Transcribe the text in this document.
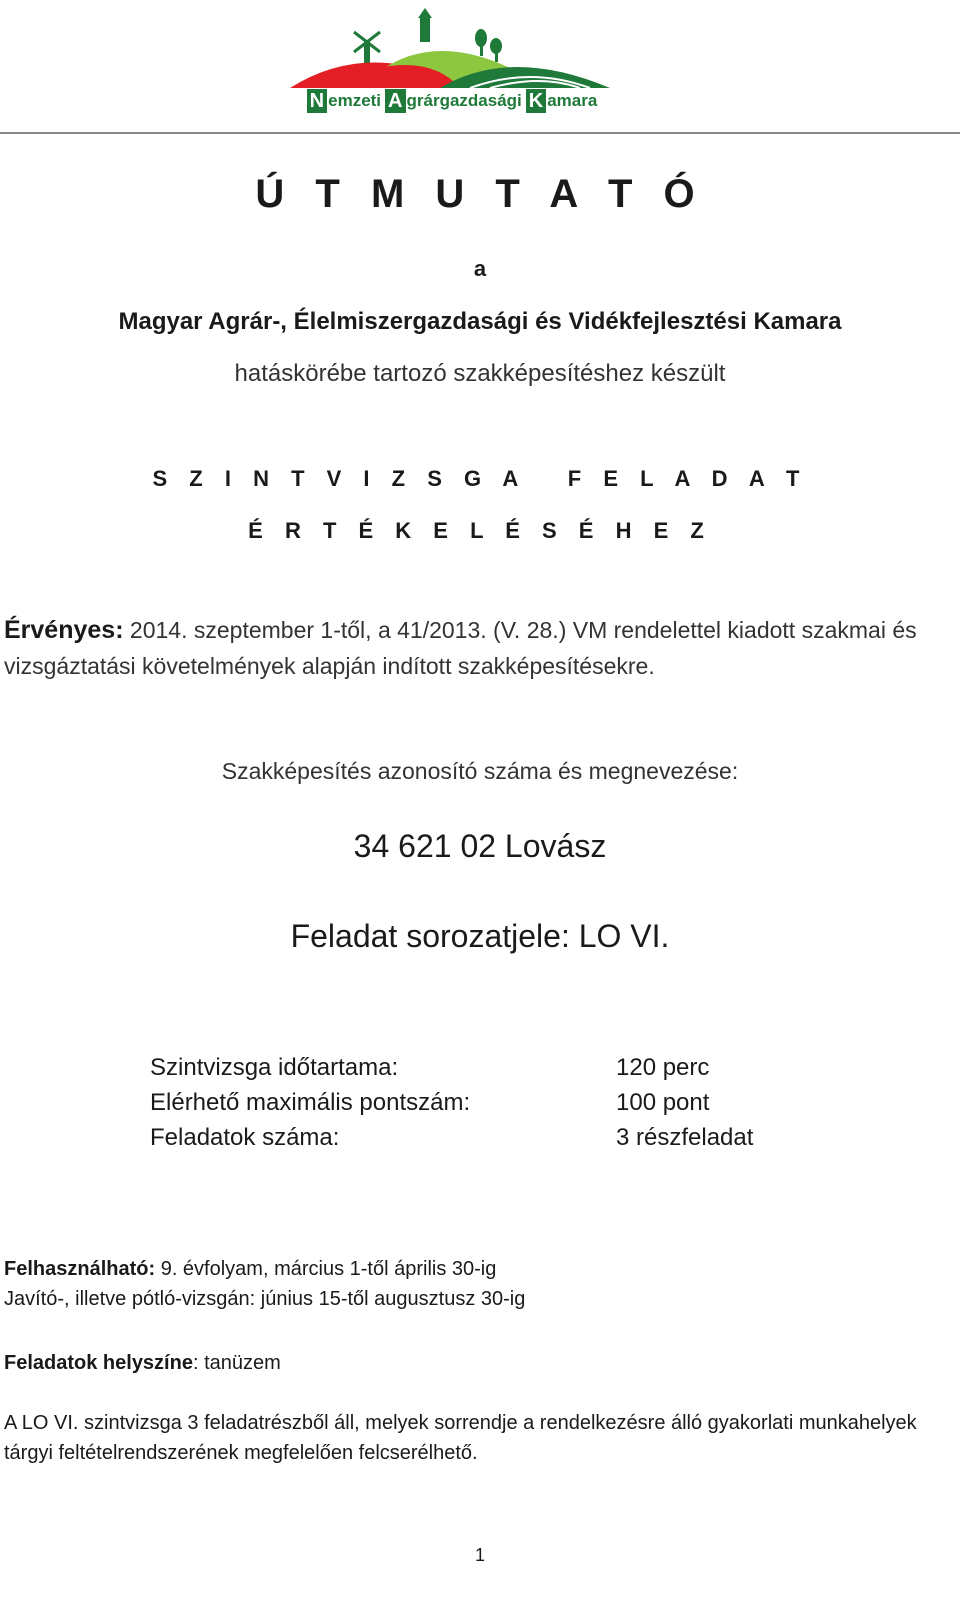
N emzeti A grárgazdasági K amara
Ú T M U T A T Ó
a
Magyar Agrár-, Élelmiszergazdasági és Vidékfejlesztési Kamara
hatáskörébe tartozó szakképesítéshez készült
S Z I N T V I Z S G A   F E L A D A T
É R T É K E L É S É H E Z
Érvényes: 2014. szeptember 1-től, a 41/2013. (V. 28.) VM rendelettel kiadott szakmai és vizsgáztatási követelmények alapján indított szakképesítésekre.
Szakképesítés azonosító száma és megnevezése:
34 621 02 Lovász
Feladat sorozatjele: LO VI.
Szintvizsga időtartama:
Elérhető maximális pontszám:
Feladatok száma:
120 perc
100 pont
3 részfeladat
Felhasználható: 9. évfolyam, március 1-től április 30-ig
Javító-, illetve pótló-vizsgán: június 15-től augusztusz 30-ig
Feladatok helyszíne: tanüzem
A LO VI. szintvizsga 3 feladatrészből áll, melyek sorrendje a rendelkezésre álló gyakorlati munkahelyek tárgyi feltételrendszerének megfelelően felcserélhető.
1
